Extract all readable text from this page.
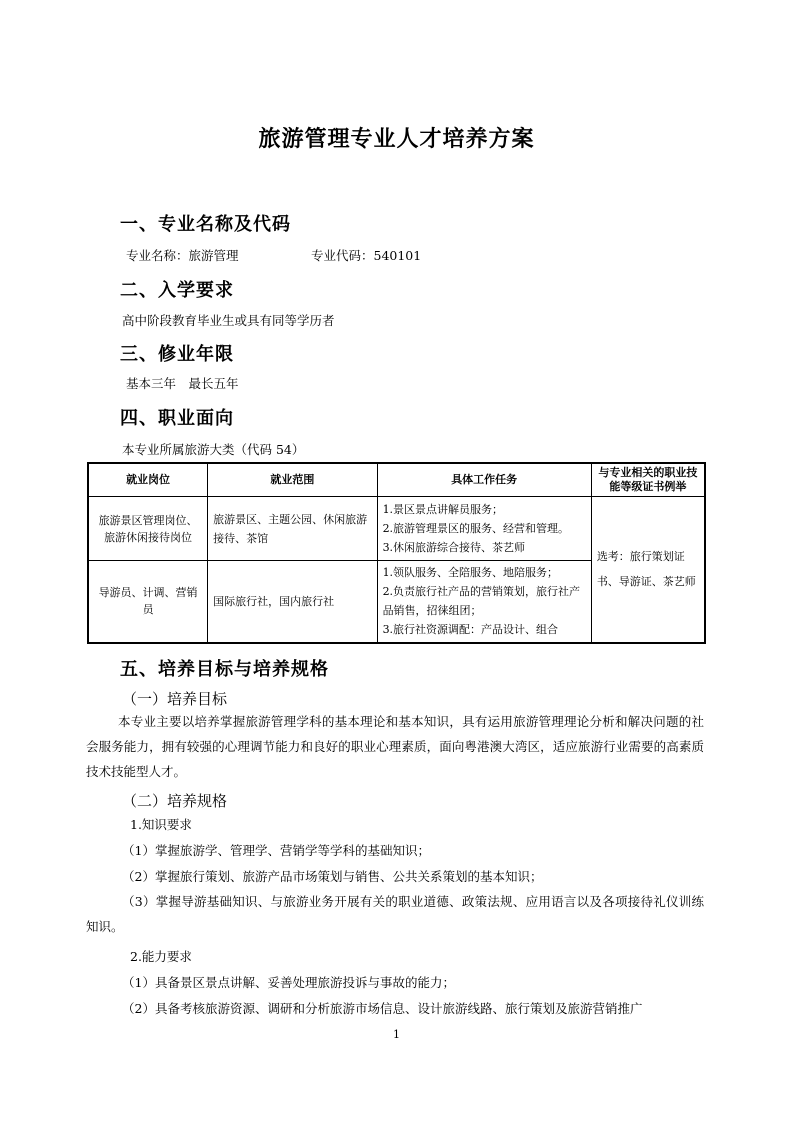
旅游管理专业人才培养方案
一、专业名称及代码
专业名称：旅游管理	专业代码：540101
二、入学要求
高中阶段教育毕业生或具有同等学历者
三、修业年限
基本三年　最长五年
四、职业面向
本专业所属旅游大类（代码 54）
就业岗位	就业范围	具体工作任务	与专业相关的职业技能等级证书例举
旅游景区管理岗位、旅游休闲接待岗位	旅游景区、主题公园、休闲旅游接待、茶馆	1.景区景点讲解员服务；
2.旅游管理景区的服务、经营和管理。
3.休闲旅游综合接待、茶艺师	选考：旅行策划证书、导游证、茶艺师
导游员、计调、营销员	国际旅行社，国内旅行社	1.领队服务、全陪服务、地陪服务；
2.负责旅行社产品的营销策划，旅行社产品销售，招徕组团；
3.旅行社资源调配：产品设计、组合	
五、培养目标与培养规格
（一）培养目标
本专业主要以培养掌握旅游管理学科的基本理论和基本知识，具有运用旅游管理理论分析和解决问题的社会服务能力，拥有较强的心理调节能力和良好的职业心理素质，面向粤港澳大湾区，适应旅游行业需要的高素质技术技能型人才。
（二）培养规格
1.知识要求
（1）掌握旅游学、管理学、营销学等学科的基础知识；
（2）掌握旅行策划、旅游产品市场策划与销售、公共关系策划的基本知识；
（3）掌握导游基础知识、与旅游业务开展有关的职业道德、政策法规、应用语言以及各项接待礼仪训练知识。
2.能力要求
（1）具备景区景点讲解、妥善处理旅游投诉与事故的能力；
（2）具备考核旅游资源、调研和分析旅游市场信息、设计旅游线路、旅行策划及旅游营销推广
1
